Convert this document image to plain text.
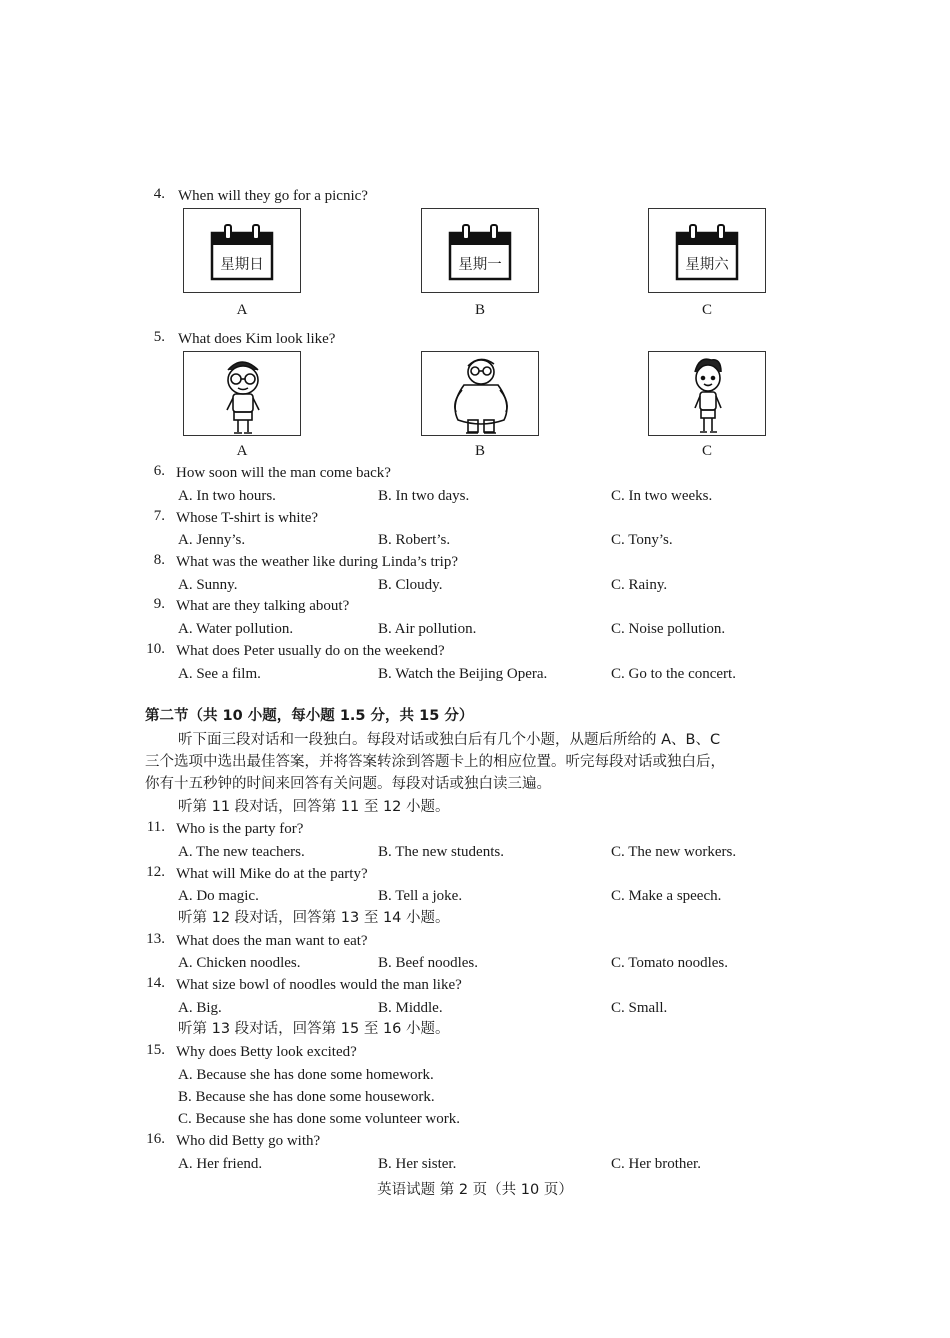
4. When will they go for a picnic?
星期日	星期一	星期六
A	B	C
5. What does Kim look like?
A	B	C
6. How soon will the man come back?
A. In two hours.	B. In two days.	C. In two weeks.
7. Whose T-shirt is white?
A. Jenny’s.	B. Robert’s.	C. Tony’s.
8. What was the weather like during Linda’s trip?
A. Sunny.	B. Cloudy.	C. Rainy.
9. What are they talking about?
A. Water pollution.	B. Air pollution.	C. Noise pollution.
10. What does Peter usually do on the weekend?
A. See a film.	B. Watch the Beijing Opera.	C. Go to the concert.
第二节（共 10 小题，每小题 1.5 分，共 15 分）
听下面三段对话和一段独白。每段对话或独白后有几个小题，从题后所给的 A、B、C
三个选项中选出最佳答案，并将答案转涂到答题卡上的相应位置。听完每段对话或独白后，
你有十五秒钟的时间来回答有关问题。每段对话或独白读三遍。
听第 11 段对话，回答第 11 至 12 小题。
11. Who is the party for?
A. The new teachers.	B. The new students.	C. The new workers.
12. What will Mike do at the party?
A. Do magic.	B. Tell a joke.	C. Make a speech.
听第 12 段对话，回答第 13 至 14 小题。
13. What does the man want to eat?
A. Chicken noodles.	B. Beef noodles.	C. Tomato noodles.
14. What size bowl of noodles would the man like?
A. Big.	B. Middle.	C. Small.
听第 13 段对话，回答第 15 至 16 小题。
15. Why does Betty look excited?
A. Because she has done some homework.
B. Because she has done some housework.
C. Because she has done some volunteer work.
16. Who did Betty go with?
A. Her friend.	B. Her sister.	C. Her brother.
英语试题 第 2 页（共 10 页）
